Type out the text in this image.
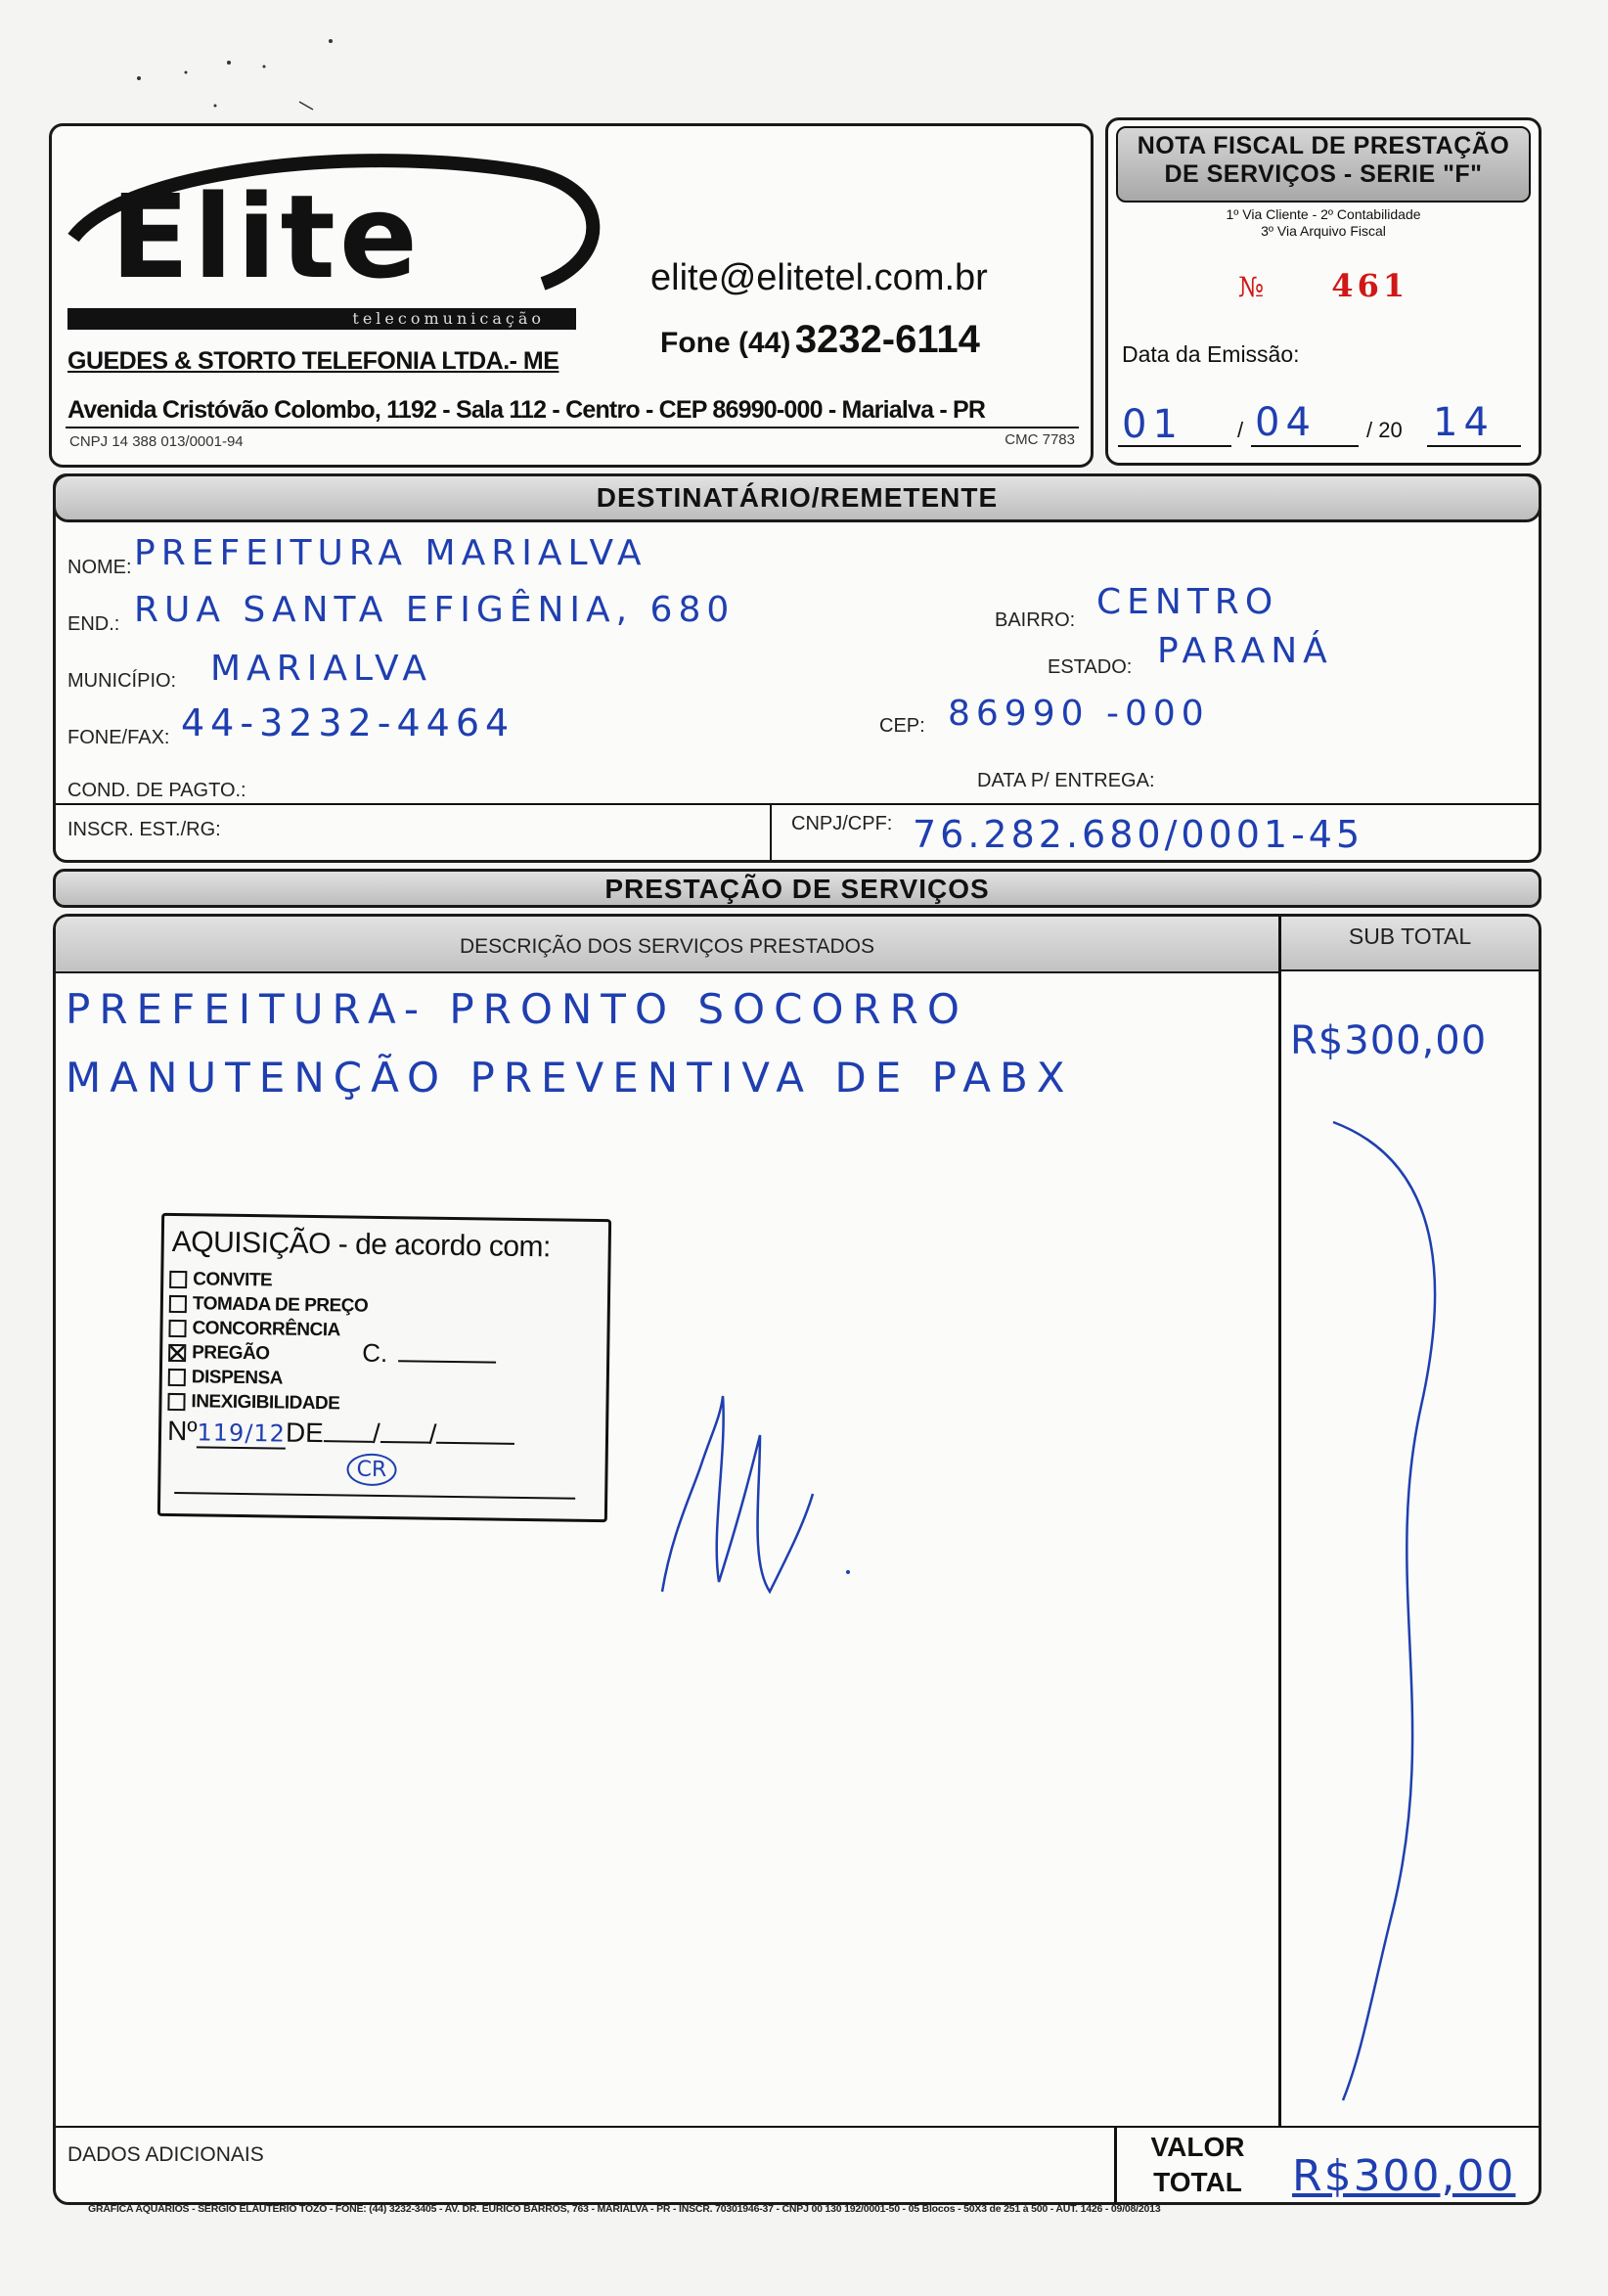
Elite
telecomunicação
elite@elitetel.com.br
Fone (44) 3232-6114
GUEDES & STORTO TELEFONIA LTDA.- ME
Avenida Cristóvão Colombo, 1192 - Sala 112 - Centro - CEP 86990-000 - Marialva - PR
CNPJ 14 388 013/0001-94	CMC 7783
NOTA FISCAL DE PRESTAÇÃO
DE SERVIÇOS - SERIE "F"
1º Via Cliente - 2º Contabilidade
3º Via Arquivo Fiscal
№ 461
Data da Emissão:
01	/ 04 / 20 14
DESTINATÁRIO/REMETENTE
NOME: PREFEITURA MARIALVA
END.: RUA SANTA EFIGÊNIA, 680	BAIRRO: CENTRO
MUNICÍPIO: MARIALVA	ESTADO: PARANÁ
FONE/FAX: 44-3232-4464	CEP: 86990 -000
COND. DE PAGTO.:	DATA P/ ENTREGA:
INSCR. EST./RG:	CNPJ/CPF: 76.282.680/0001-45
PRESTAÇÃO DE SERVIÇOS
DESCRIÇÃO DOS SERVIÇOS PRESTADOS	SUB TOTAL
PREFEITURA- PRONTO SOCORRO
MANUTENÇÃO PREVENTIVA DE PABX
R$300,00
AQUISIÇÃO - de acordo com:
CONVITE
TOMADA DE PREÇO
CONCORRÊNCIA
PREGÃO
DISPENSA
INEXIGIBILIDADE
C.
Nº119/12DE / /
CR
DADOS ADICIONAIS	VALOR
TOTAL	R$300,00
GRÁFICA AQUÁRIOS - SÉRGIO ELAUTÉRIO TOZO - FONE: (44) 3232-3405 - AV. DR. EURICO BARROS, 763 - MARIALVA - PR - INSCR. 70301946-37 - CNPJ 00 130 192/0001-50 - 05 Blocos - 50X3 de 251 à 500 - AUT. 1426 - 09/08/2013
